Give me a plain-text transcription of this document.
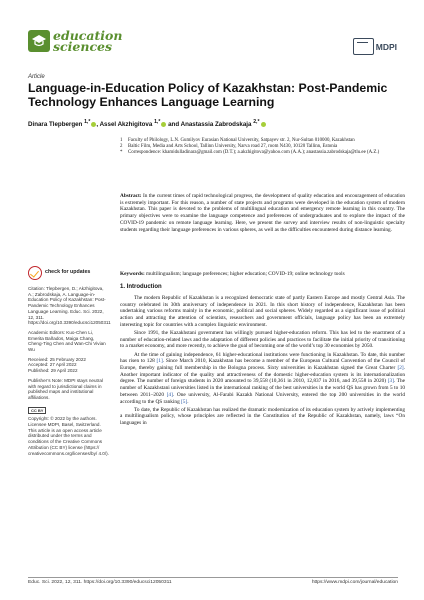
education
sciences	MDPI
Article
Language-in-Education Policy of Kazakhstan: Post-Pandemic Technology Enhances Language Learning
Dinara Tlepbergen $^{1,*}$ , Assel Akzhigitova $^{1,*}$ and Anastassia Zabrodskaja $^{2,*}$
1	Faculty of Philology, L.N. Gumilyov Eurasian National University, Satpayev str. 2, Nur-Sultan 010000, Kazakhstan
2	Baltic Film, Media and Arts School, Tallinn University, Narva road 27, room N430, 10120 Tallinn, Estonia
*	Correspondence: khamidulladinara@gmail.com (D.T.); a.akzhigitova@yahoo.com (A.A.); anastassia.zabrodskaja@tlu.ee (A.Z.)
Abstract: In the current times of rapid technological progress, the development of quality education and encouragement of education is extremely important. For this reason, a number of state projects and programs were developed in the education system of modern Kazakhstan. This paper is devoted to the problems of multilingual education and emergency remote learning in this country. The primary objectives were to examine the language competence and preferences of undergraduates and to explore the impact of the COVID-19 pandemic on remote language learning. Here, we present the survey and interview results of non-linguistic specialty students regarding their language preferences in various spheres, as well as the difficulties encountered during distance learning.
Keywords: multilingualism; language preferences; higher education; COVID-19; online technology tools
check for updates
Citation: Tlepbergen, D.; Akzhigitova, A.; Zabrodskaja, A. Language-in-Education Policy of Kazakhstan: Post-Pandemic Technology Enhances Language Learning. Educ. Sci. 2022, 12, 311. https://doi.org/10.3390/educsci12050311
Academic Editors: Kuo-Chen Li, Emerita Bañados, Maiga Chang, Cheng-Ting Chen and Wan-Chi Vivian Wu
Received: 25 February 2022
Accepted: 27 April 2022
Published: 29 April 2022
Publisher’s Note: MDPI stays neutral with regard to jurisdictional claims in published maps and institutional affiliations.
CC BY
Copyright: © 2022 by the authors. Licensee MDPI, Basel, Switzerland. This article is an open access article distributed under the terms and conditions of the Creative Commons Attribution (CC BY) license (https:// creativecommons.org/licenses/by/ 4.0/).
1. Introduction

The modern Republic of Kazakhstan is a recognized democratic state of partly Eastern Europe and mostly Central Asia. The country celebrated its 30th anniversary of independence in 2021. In this short history of independence, Kazakhstan has been undertaking various reforms mainly in the economic, political and social spheres. Widely regarded as a significant issue of political action and attracting the attention of scientists, researchers and government officials, language policy has been an extremely interesting topic for countries with a complex linguistic environment.

Since 1991, the Kazakhstani government has willingly pursued higher-education reform. This has led to the enactment of a number of education-related laws and the adaptation of different policies and practices to facilitate the initial priority of transitioning to a market economy, and more recently, to achieve the goal of becoming one of the world’s top 30 economies by 2050.

At the time of gaining independence, 61 higher-educational institutions were functioning in Kazakhstan. To date, this number has risen to 128 [1]. Since March 2010, Kazakhstan has become a member of the European Cultural Convention of the Council of Europe, thereby gaining full membership in the Bologna process. Sixty universities in Kazakhstan signed the Great Charter [2]. Another important indicator of the quality and attractiveness of the domestic higher-education system is its internationalization degree. The number of foreign students in 2020 amounted to 39,558 (10,361 in 2010, 12,837 in 2016, and 39,558 in 2020) [3]. The number of Kazakhstani universities listed in the international ranking of the best universities in the world QS has grown from 5 to 10 between 2011–2020 [4]. One university, Al-Farabi Kazakh National University, entered the top 200 universities in the world according to the QS ranking [5].

To date, the Republic of Kazakhstan has realized the dramatic modernization of its education system by actively implementing a multilingualism policy, whose principles are reflected in the Constitution of the Republic of Kazakhstan, namely, laws “On languages in

Educ. Sci. 2022, 12, 311. https://doi.org/10.3390/educsci12050311	https://www.mdpi.com/journal/education
